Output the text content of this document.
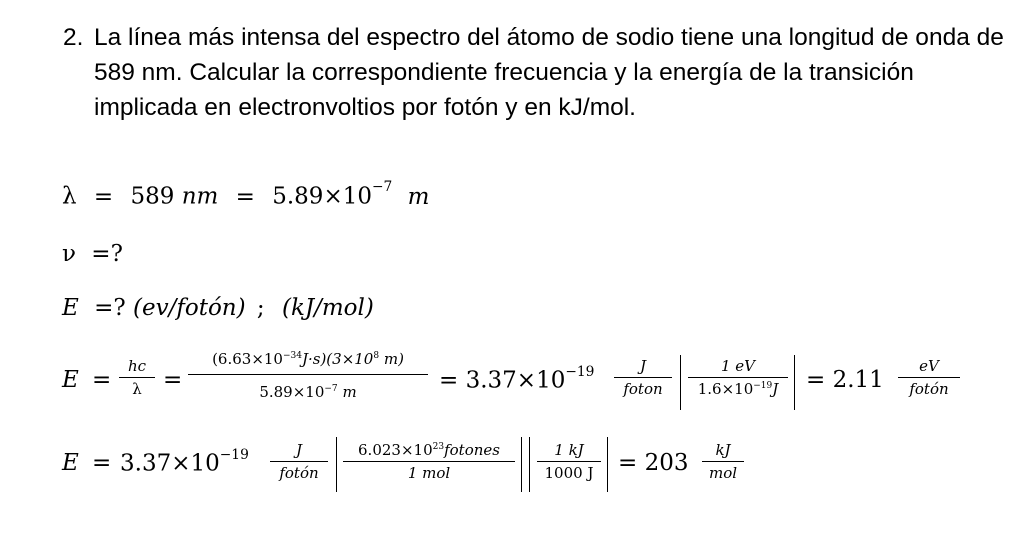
2. La línea más intensa del espectro del átomo de sodio tiene una longitud de onda de 589 nm. Calcular la correspondiente frecuencia y la energía de la transición implicada en electronvoltios por fotón y en kJ/mol.
λ = 589 nm = $5.89\times 10^{-7}$ m
ν =?
E =? (ev/fotón) ; (kJ/mol)
E =
hc
λ =
$(6.63\times 10^{-34}J\cdot s)(3\times 10^8$ m)
$5.89\times 10^{-7}$ m	= $3.37\times 10^{-19}$	J
foton
1 eV
$1.6\times 10^{-19}J$	= 2.11
eV
fotón
$E = 3.37\times 10^{-19}$	J
fotón
$6.023\times 10^{23}fotones$
1 mol
1 kJ
1000 J	= 203	kJ
mol
